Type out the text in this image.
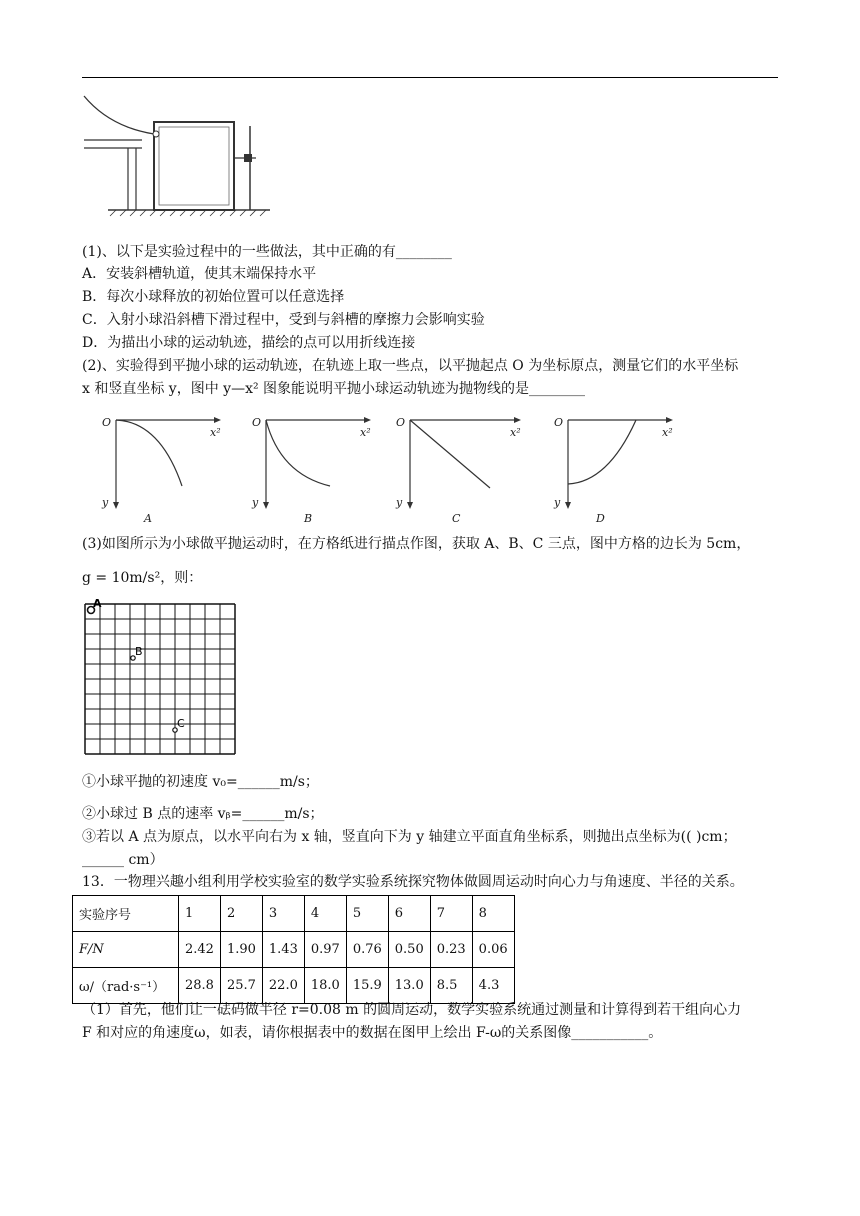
(1)、以下是实验过程中的一些做法，其中正确的有________
A．安装斜槽轨道，使其末端保持水平
B．每次小球释放的初始位置可以任意选择
C．入射小球沿斜槽下滑过程中，受到与斜槽的摩擦力会影响实验
D．为描出小球的运动轨迹，描绘的点可以用折线连接
(2)、实验得到平抛小球的运动轨迹，在轨迹上取一些点，以平抛起点 O 为坐标原点，测量它们的水平坐标
x 和竖直坐标 y，图中 y—x² 图象能说明平抛小球运动轨迹为抛物线的是________
O
x²
y
A
O
x²
y
B
O
x²
y
C
O
x²
y
D
(3)如图所示为小球做平抛运动时，在方格纸进行描点作图，获取 A、B、C 三点，图中方格的边长为 5cm，
g = 10m/s²，则：
A
B
C
①小球平抛的初速度 v₀=______m/s；
②小球过 B 点的速率 vᵦ=______m/s；
③若以 A 点为原点，以水平向右为 x 轴，竖直向下为 y 轴建立平面直角坐标系，则抛出点坐标为(( )cm；
______ cm）
13．一物理兴趣小组利用学校实验室的数学实验系统探究物体做圆周运动时向心力与角速度、半径的关系。
实验序号	1	2	3	4	5	6	7	8
F/N	2.42	1.90	1.43	0.97	0.76	0.50	0.23	0.06
ω/（rad·s⁻¹）	28.8	25.7	22.0	18.0	15.9	13.0	8.5	4.3
（1）首先，他们让一砝码做半径 r=0.08 m 的圆周运动，数学实验系统通过测量和计算得到若干组向心力
F 和对应的角速度ω，如表，请你根据表中的数据在图甲上绘出 F-ω的关系图像___________。
